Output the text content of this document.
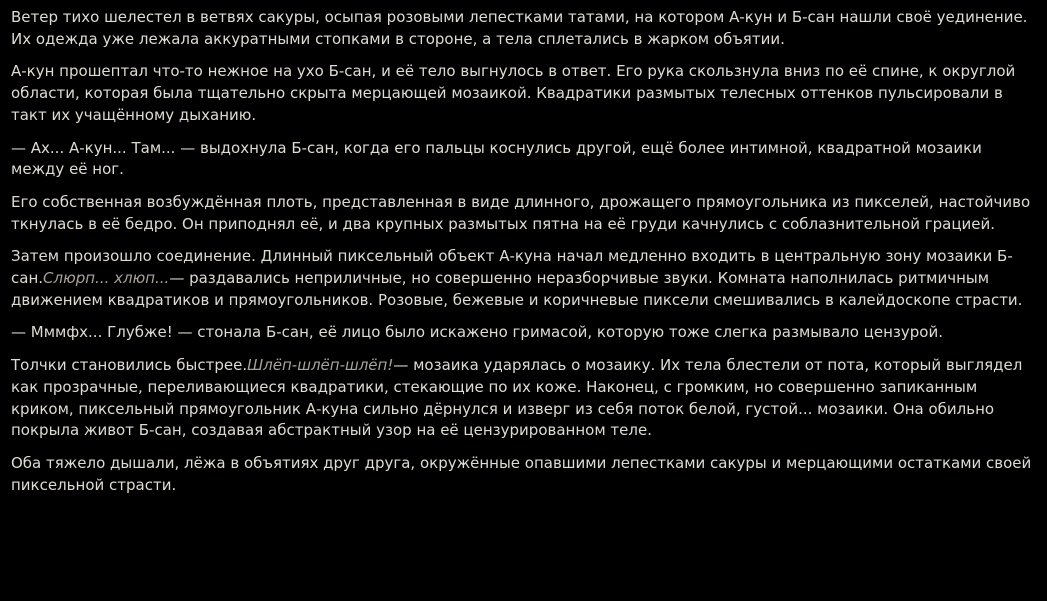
Ветер тихо шелестел в ветвях сакуры, осыпая розовыми лепестками татами, на котором А-кун и Б-сан нашли своё уединение. Их одежда уже лежала аккуратными стопками в стороне, а тела сплетались в жарком объятии.

А-кун прошептал что-то нежное на ухо Б-сан, и её тело выгнулось в ответ. Его рука скользнула вниз по её спине, к округлой области, которая была тщательно скрыта мерцающей мозаикой. Квадратики размытых телесных оттенков пульсировали в такт их учащённому дыханию.

— Ах... А-кун... Там... — выдохнула Б-сан, когда его пальцы коснулись другой, ещё более интимной, квадратной мозаики между её ног.

Его собственная возбуждённая плоть, представленная в виде длинного, дрожащего прямоугольника из пикселей, настойчиво ткнулась в её бедро. Он приподнял её, и два крупных размытых пятна на её груди качнулись с соблазнительной грацией.

Затем произошло соединение. Длинный пиксельный объект А-куна начал медленно входить в центральную зону мозаики Б-сан.Слюрп... хлюп...— раздавались неприличные, но совершенно неразборчивые звуки. Комната наполнилась ритмичным движением квадратиков и прямоугольников. Розовые, бежевые и коричневые пиксели смешивались в калейдоскопе страсти.

— Мммфх... Глубже! — стонала Б-сан, её лицо было искажено гримасой, которую тоже слегка размывало цензурой.

Толчки становились быстрее.Шлёп-шлёп-шлёп!— мозаика ударялась о мозаику. Их тела блестели от пота, который выглядел как прозрачные, переливающиеся квадратики, стекающие по их коже. Наконец, с громким, но совершенно запиканным криком, пиксельный прямоугольник А-куна сильно дёрнулся и изверг из себя поток белой, густой... мозаики. Она обильно покрыла живот Б-сан, создавая абстрактный узор на её цензурированном теле.

Оба тяжело дышали, лёжа в объятиях друг друга, окружённые опавшими лепестками сакуры и мерцающими остатками своей пиксельной страсти.
